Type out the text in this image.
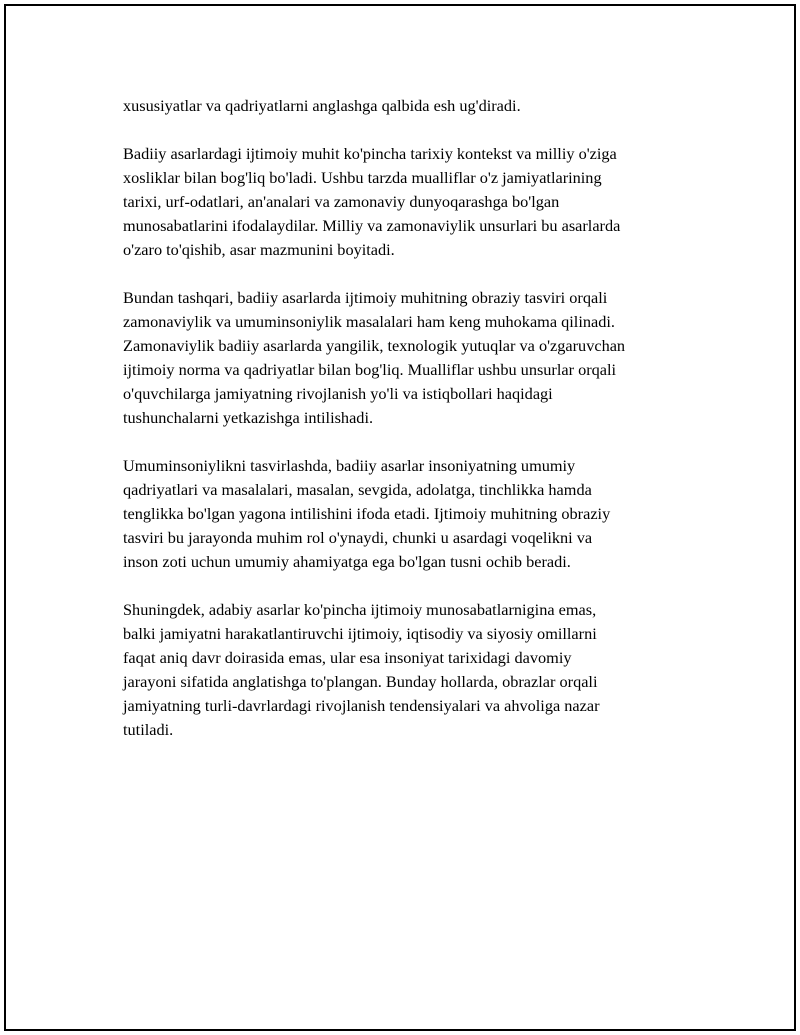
xususiyatlar va qadriyatlarni anglashga qalbida esh ug'diradi.

Badiiy asarlardagi ijtimoiy muhit ko'pincha tarixiy kontekst va milliy o'ziga
xosliklar bilan bog'liq bo'ladi. Ushbu tarzda mualliflar o'z jamiyatlarining
tarixi, urf-odatlari, an'analari va zamonaviy dunyoqarashga bo'lgan
munosabatlarini ifodalaydilar. Milliy va zamonaviylik unsurlari bu asarlarda
o'zaro to'qishib, asar mazmunini boyitadi.

Bundan tashqari, badiiy asarlarda ijtimoiy muhitning obraziy tasviri orqali
zamonaviylik va umuminsoniylik masalalari ham keng muhokama qilinadi.
Zamonaviylik badiiy asarlarda yangilik, texnologik yutuqlar va o'zgaruvchan
ijtimoiy norma va qadriyatlar bilan bog'liq. Mualliflar ushbu unsurlar orqali
o'quvchilarga jamiyatning rivojlanish yo'li va istiqbollari haqidagi
tushunchalarni yetkazishga intilishadi.

Umuminsoniylikni tasvirlashda, badiiy asarlar insoniyatning umumiy
qadriyatlari va masalalari, masalan, sevgida, adolatga, tinchlikka hamda
tenglikka bo'lgan yagona intilishini ifoda etadi. Ijtimoiy muhitning obraziy
tasviri bu jarayonda muhim rol o'ynaydi, chunki u asardagi voqelikni va
inson zoti uchun umumiy ahamiyatga ega bo'lgan tusni ochib beradi.

Shuningdek, adabiy asarlar ko'pincha ijtimoiy munosabatlarnigina emas,
balki jamiyatni harakatlantiruvchi ijtimoiy, iqtisodiy va siyosiy omillarni
faqat aniq davr doirasida emas, ular esa insoniyat tarixidagi davomiy
jarayoni sifatida anglatishga to'plangan. Bunday hollarda, obrazlar orqali
jamiyatning turli-davrlardagi rivojlanish tendensiyalari va ahvoliga nazar
tutiladi.
